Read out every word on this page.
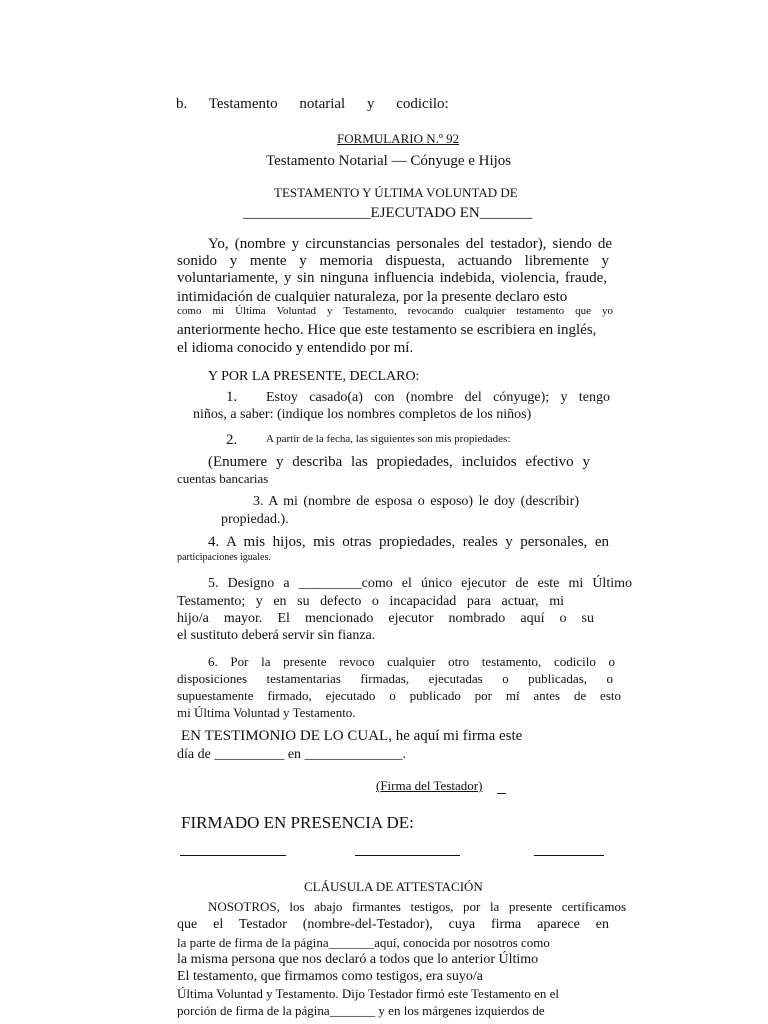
b. Testamento notarial y codicilo:
FORMULARIO N.º 92
Testamento Notarial — Cónyuge e Hijos
TESTAMENTO Y ÚLTIMA VOLUNTAD DE
_________________EJECUTADO EN_______
Yo, (nombre y circunstancias personales del testador), siendo de
sonido y mente y memoria dispuesta, actuando libremente y
voluntariamente, y sin ninguna influencia indebida, violencia, fraude,
intimidación de cualquier naturaleza, por la presente declaro esto
como mi Última Voluntad y Testamento, revocando cualquier testamento que yo
anteriormente hecho. Hice que este testamento se escribiera en inglés,
el idioma conocido y entendido por mí.
Y POR LA PRESENTE, DECLARO:
1. Estoy casado(a) con (nombre del cónyuge); y tengo
niños, a saber: (indique los nombres completos de los niños)
2.	A partir de la fecha, las siguientes son mis propiedades:
(Enumere y describa las propiedades, incluidos efectivo y
cuentas bancarias
3. A mi (nombre de esposa o esposo) le doy (describir)
propiedad.).
4. A mis hijos, mis otras propiedades, reales y personales, en
participaciones iguales.
5. Designo a _________como el único ejecutor de este mi Último
Testamento; y en su defecto o incapacidad para actuar, mi
hijo/a mayor. El mencionado ejecutor nombrado aquí o su
el sustituto deberá servir sin fianza.
6. Por la presente revoco cualquier otro testamento, codicilo o
disposiciones testamentarias firmadas, ejecutadas o publicadas, o
supuestamente firmado, ejecutado o publicado por mí antes de esto
mi Última Voluntad y Testamento.
EN TESTIMONIO DE LO CUAL, he aquí mi firma este
día de __________ en ______________.
(Firma del Testador)
FIRMADO EN PRESENCIA DE:
CLÁUSULA DE ATTESTACIÓN
NOSOTROS, los abajo firmantes testigos, por la presente certificamos
que el Testador (nombre-del-Testador), cuya firma aparece en
la parte de firma de la página_______aquí, conocida por nosotros como
la misma persona que nos declaró a todos que lo anterior Último
El testamento, que firmamos como testigos, era suyo/a
Última Voluntad y Testamento. Dijo Testador firmó este Testamento en el
porción de firma de la página_______ y en los márgenes izquierdos de
